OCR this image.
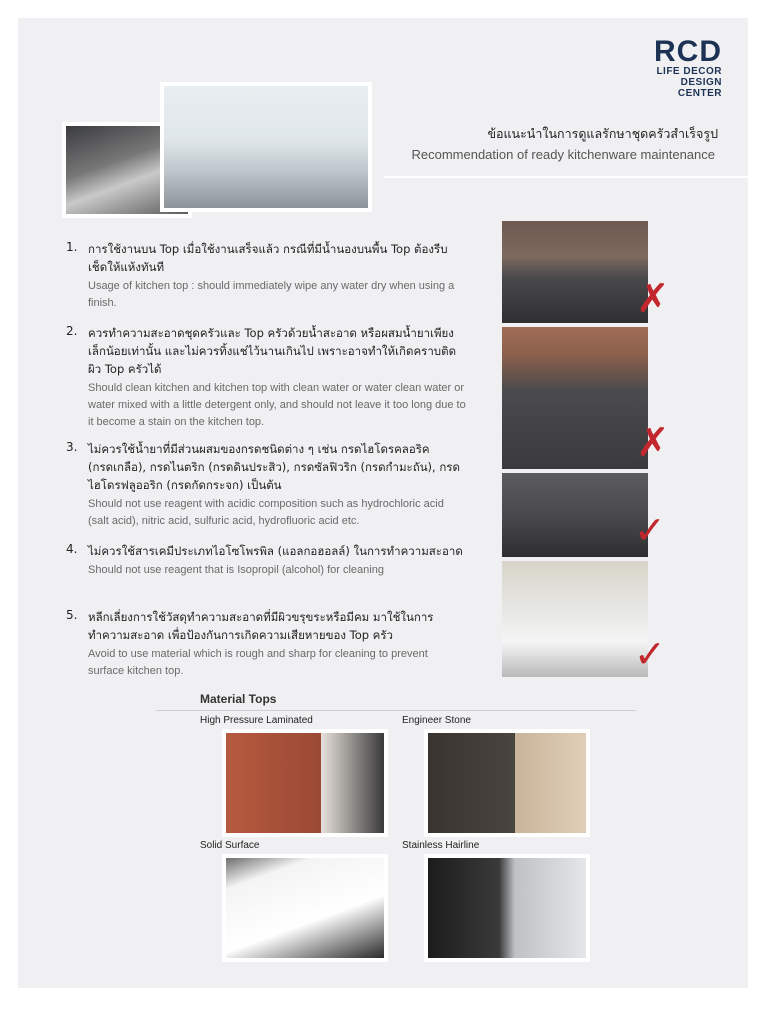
RCD
LIFE DECOR
DESIGN
CENTER
ข้อแนะนำในการดูแลรักษาชุดครัวสำเร็จรูป
Recommendation of ready kitchenware maintenance
1. การใช้งานบน Top เมื่อใช้งานเสร็จแล้ว กรณีที่มีน้ำนองบนพื้น Top ต้องรีบเช็ดให้แห้งทันที
Usage of kitchen top : should immediately wipe any water dry when using a finish.
2. ควรทำความสะอาดชุดครัวและ Top ครัวด้วยน้ำสะอาด หรือผสมน้ำยาเพียงเล็กน้อยเท่านั้น และไม่ควรทิ้งแช่ไว้นานเกินไป เพราะอาจทำให้เกิดคราบติดผิว Top ครัวได้
Should clean kitchen and kitchen top with clean water or water clean water or water mixed with a little detergent only, and should not leave it too long due to it become a stain on the kitchen top.
3. ไม่ควรใช้น้ำยาที่มีส่วนผสมของกรดชนิดต่าง ๆ เช่น กรดไฮโดรคลอริค (กรดเกลือ), กรดไนตริก (กรดดินประสิว), กรดซัลฟิวริก (กรดกำมะถัน), กรดไฮโดรฟลูออริก (กรดกัดกระจก) เป็นต้น
Should not use reagent with acidic composition such as hydrochloric acid (salt acid), nitric acid, sulfuric acid, hydrofluoric acid etc.
4. ไม่ควรใช้สารเคมีประเภทไอโซโพรพิล (แอลกอฮอลล์) ในการทำความสะอาด
Should not use reagent that is Isopropil (alcohol) for cleaning
5. หลีกเลี่ยงการใช้วัสดุทำความสะอาดที่มีผิวขรุขระหรือมีคม มาใช้ในการทำความสะอาด เพื่อป้องกันการเกิดความเสียหายของ Top ครัว
Avoid to use material which is rough and sharp for cleaning to prevent surface kitchen top.
✗
✗
✓
✓
Material Tops
High Pressure Laminated	Engineer Stone
Solid Surface	Stainless Hairline
